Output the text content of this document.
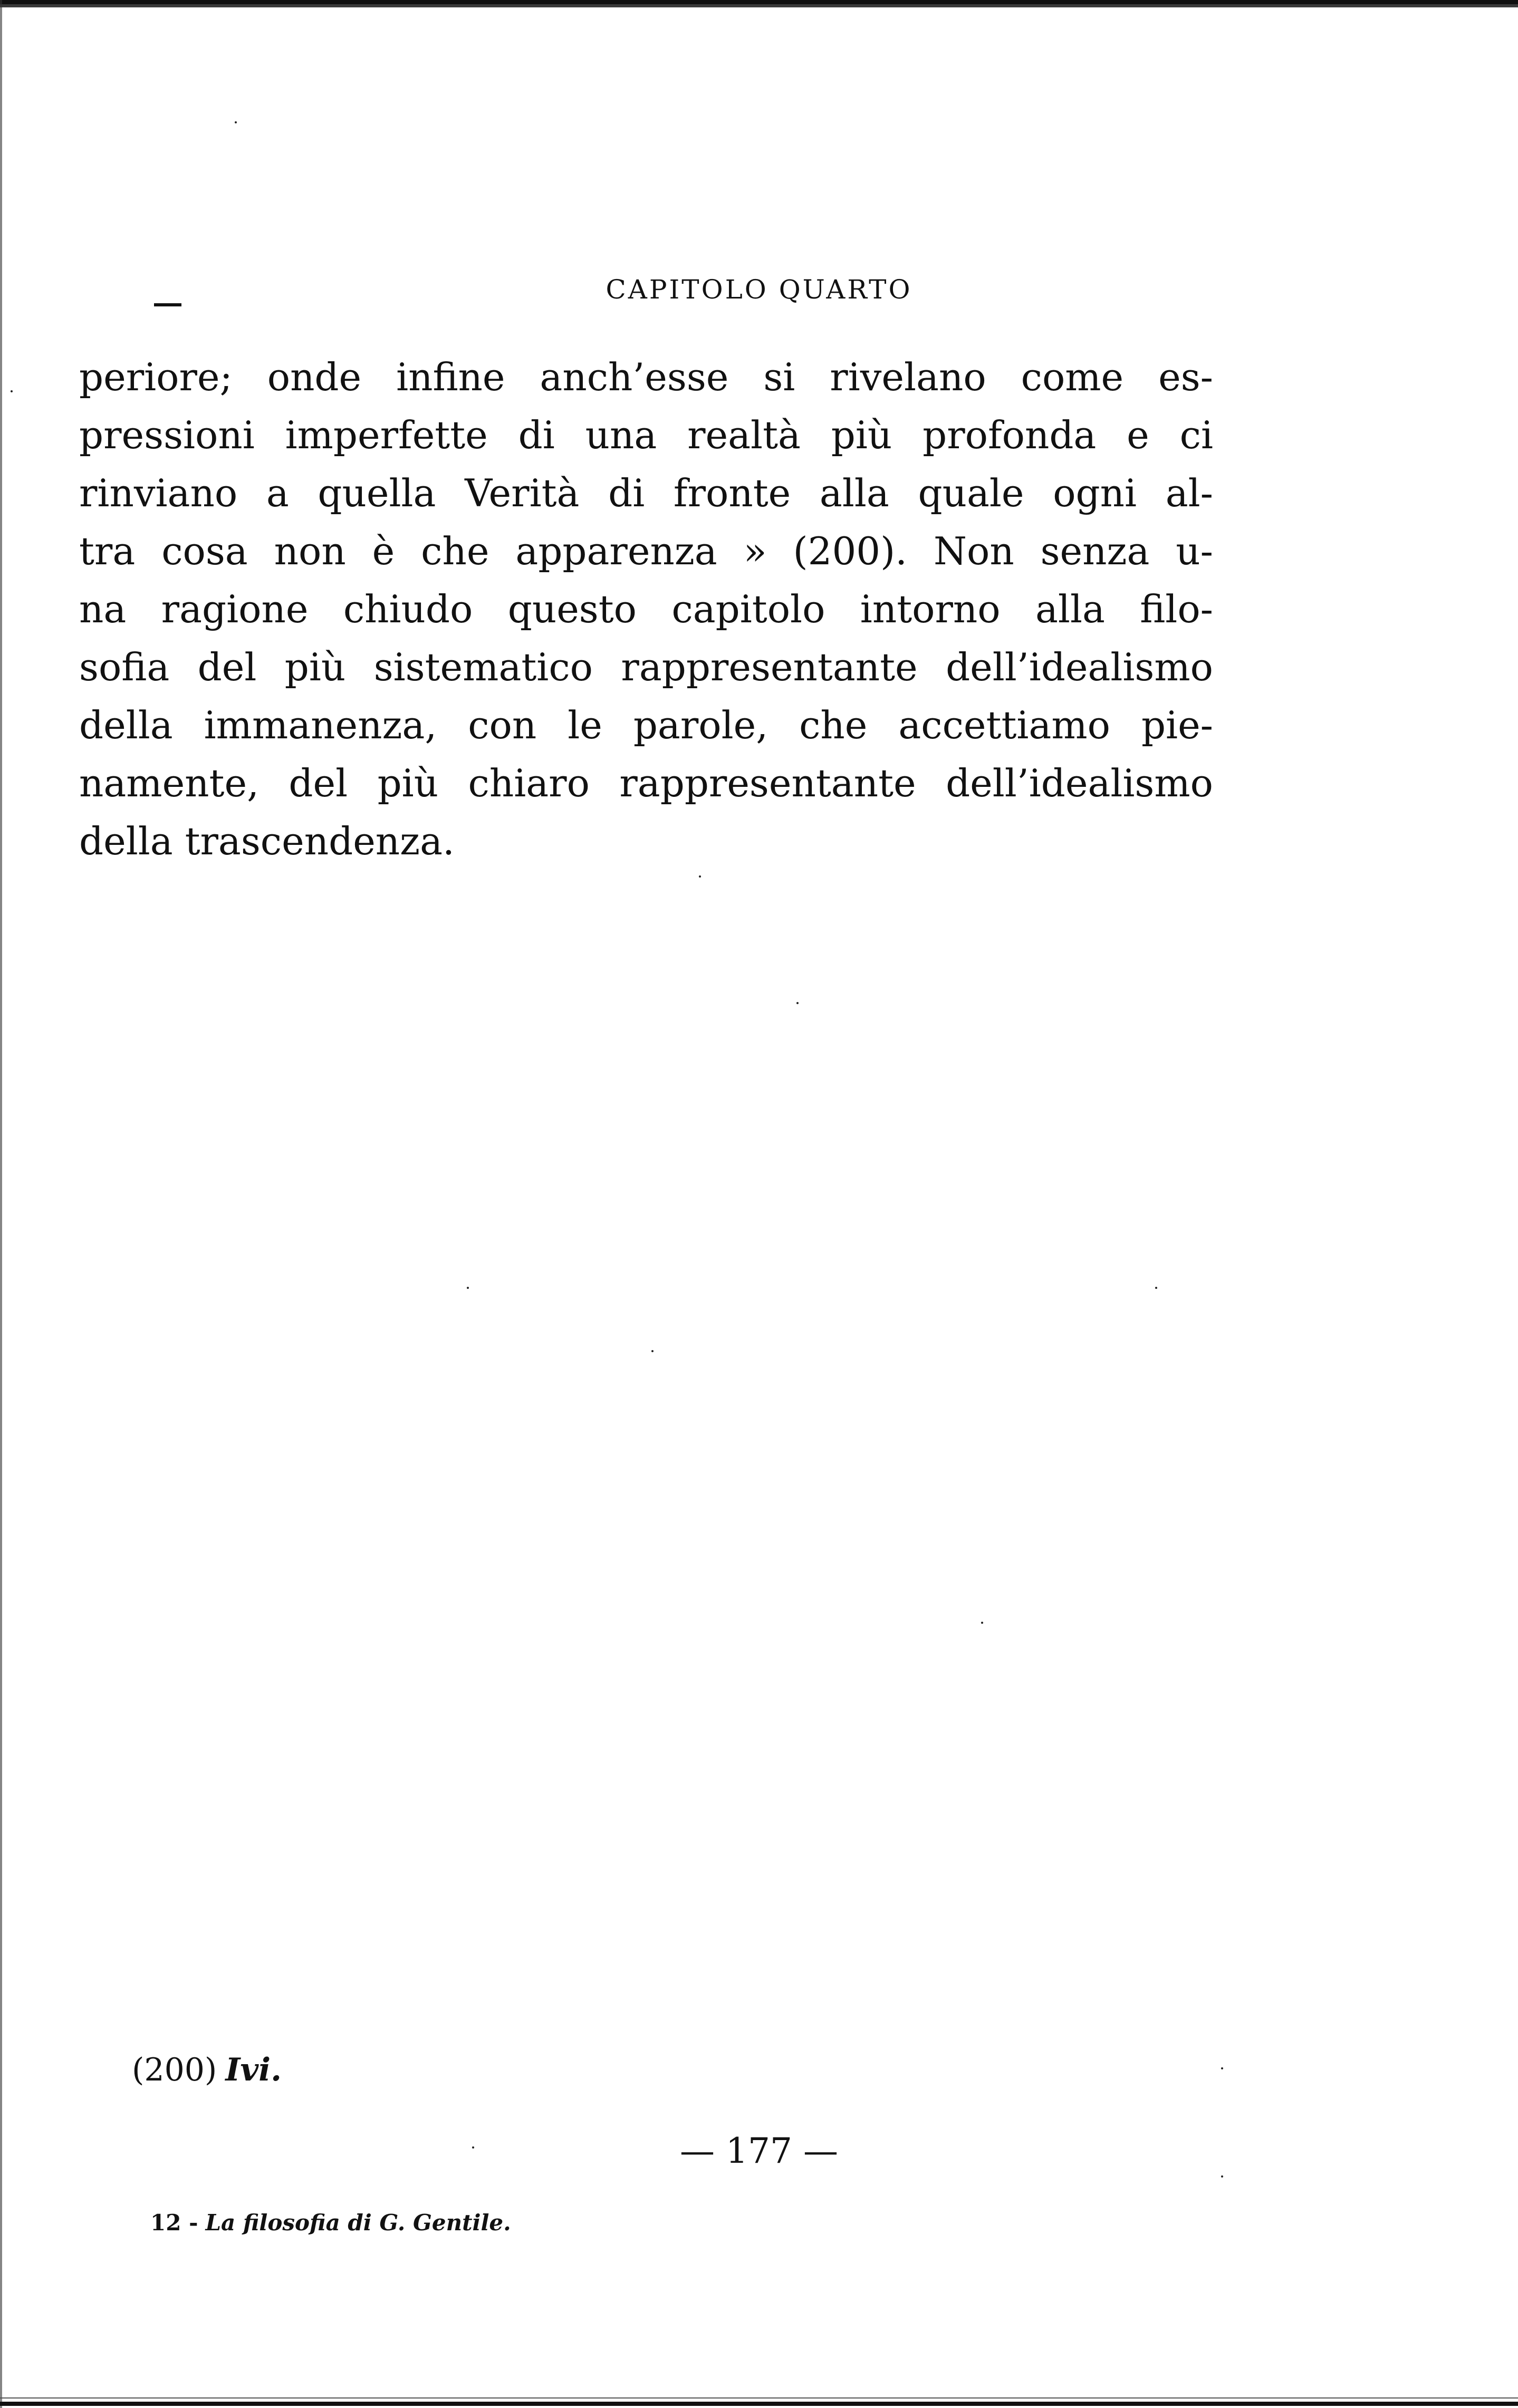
CAPITOLO QUARTO
periore; onde infine anch’esse si rivelano come es-
pressioni imperfette di una realtà più profonda e ci
rinviano a quella Verità di fronte alla quale ogni al-
tra cosa non è che apparenza » (200). Non senza u-
na ragione chiudo questo capitolo intorno alla filo-
sofia del più sistematico rappresentante dell’idealismo
della immanenza, con le parole, che accettiamo pie-
namente, del più chiaro rappresentante dell’idealismo
della trascendenza.
(200) Ivi.
— 177 —
12 - La filosofia di G. Gentile.
